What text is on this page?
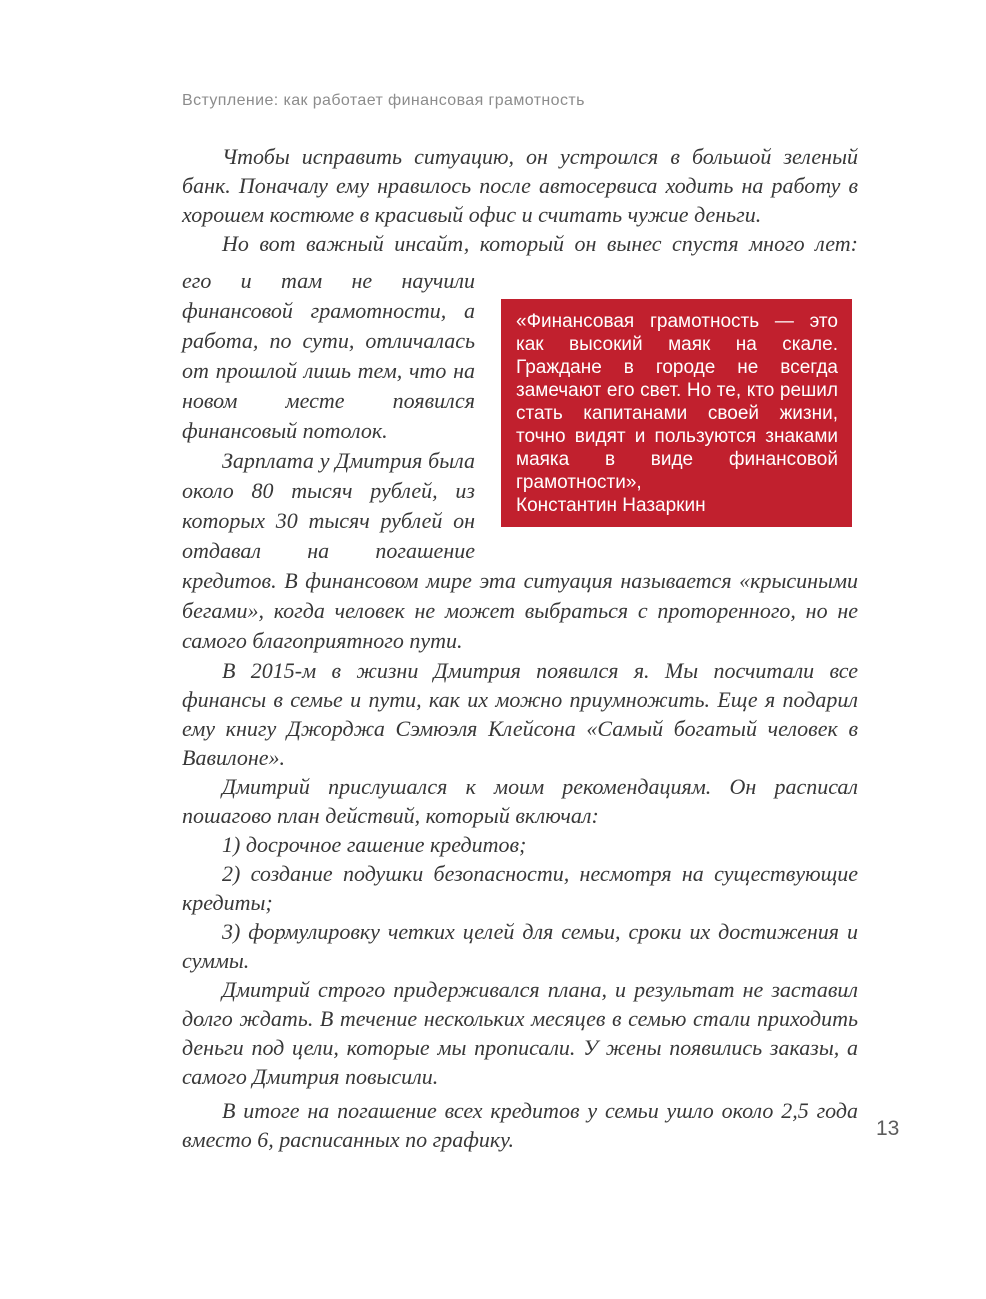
Вступление: как работает финансовая грамотность

Чтобы исправить ситуацию, он устроился в большой зеленый банк. Поначалу ему нравилось после автосервиса ходить на работу в хорошем костюме в красивый офис и считать чужие деньги.

Но вот важный инсайт, который он вынес спустя много лет:

«Финансовая грамотность — это как высокий маяк на скале. Граждане в городе не всегда замечают его свет. Но те, кто решил стать капитанами своей жизни, точно видят и пользуются знаками маяка в виде финансовой грамотности»,
Константин Назаркин

его и там не научили финансовой грамотности, а работа, по сути, отличалась от прошлой лишь тем, что на новом месте появился финансовый потолок.

Зарплата у Дмитрия была около 80 тысяч рублей, из которых 30 тысяч рублей он отдавал на погашение кредитов. В финансовом мире эта ситуация называется «крысиными бегами», когда человек не может выбраться с проторенного, но не самого благоприятного пути.

В 2015-м в жизни Дмитрия появился я. Мы посчитали все финансы в семье и пути, как их можно приумножить. Еще я подарил ему книгу Джорджа Сэмюэля Клейсона «Самый богатый человек в Вавилоне».

Дмитрий прислушался к моим рекомендациям. Он расписал пошагово план действий, который включал:

1) досрочное гашение кредитов;

2) создание подушки безопасности, несмотря на существующие кредиты;

3) формулировку четких целей для семьи, сроки их достижения и суммы.

Дмитрий строго придерживался плана, и результат не заставил долго ждать. В течение нескольких месяцев в семью стали приходить деньги под цели, которые мы прописали. У жены появились заказы, а самого Дмитрия повысили.

В итоге на погашение всех кредитов у семьи ушло около 2,5 года вместо 6, расписанных по графику.	13
